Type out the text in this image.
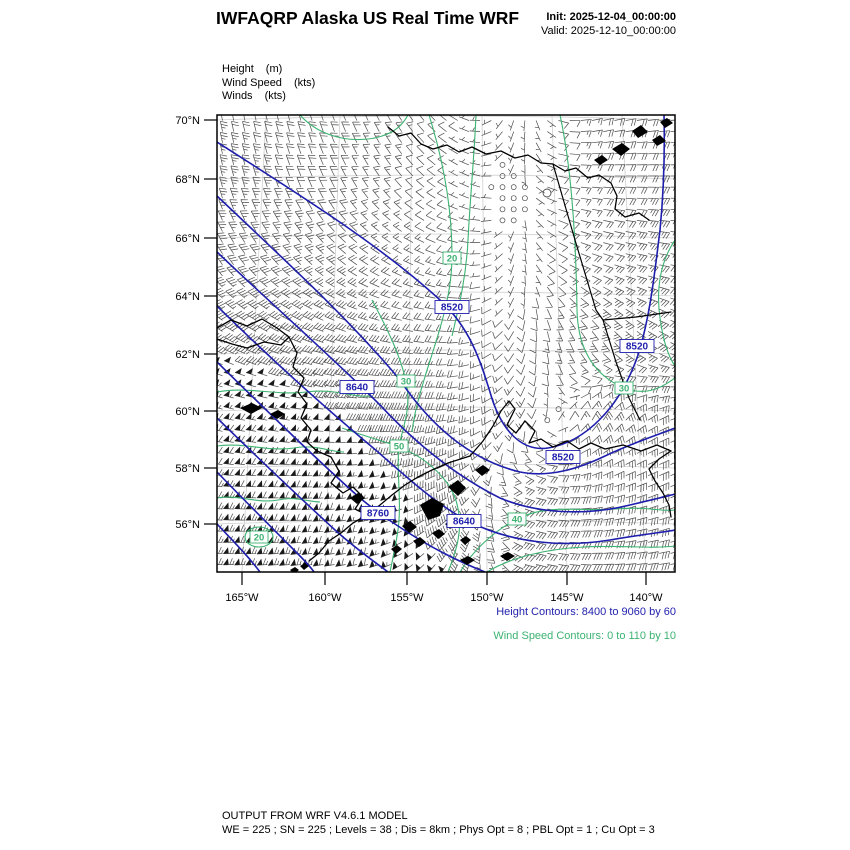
IWFAQRP Alaska US Real Time WRF Init: 2025-12-04_00:00:00
Valid: 2025-12-10_00:00:00
Height (m)
Wind Speed (kts)
Winds (kts)
20
30
50
30
40
20
8520
8520
8640
8520
8760
8640
70°N
68°N
66°N
64°N
62°N
60°N
58°N
56°N
165°W	160°W	155°W	150°W	145°W	140°W
Height Contours: 8400 to 9060 by 60
Wind Speed Contours: 0 to 110 by 10
OUTPUT FROM WRF V4.6.1 MODEL
WE = 225 ; SN = 225 ; Levels = 38 ; Dis = 8km ; Phys Opt = 8 ; PBL Opt = 1 ; Cu Opt = 3
